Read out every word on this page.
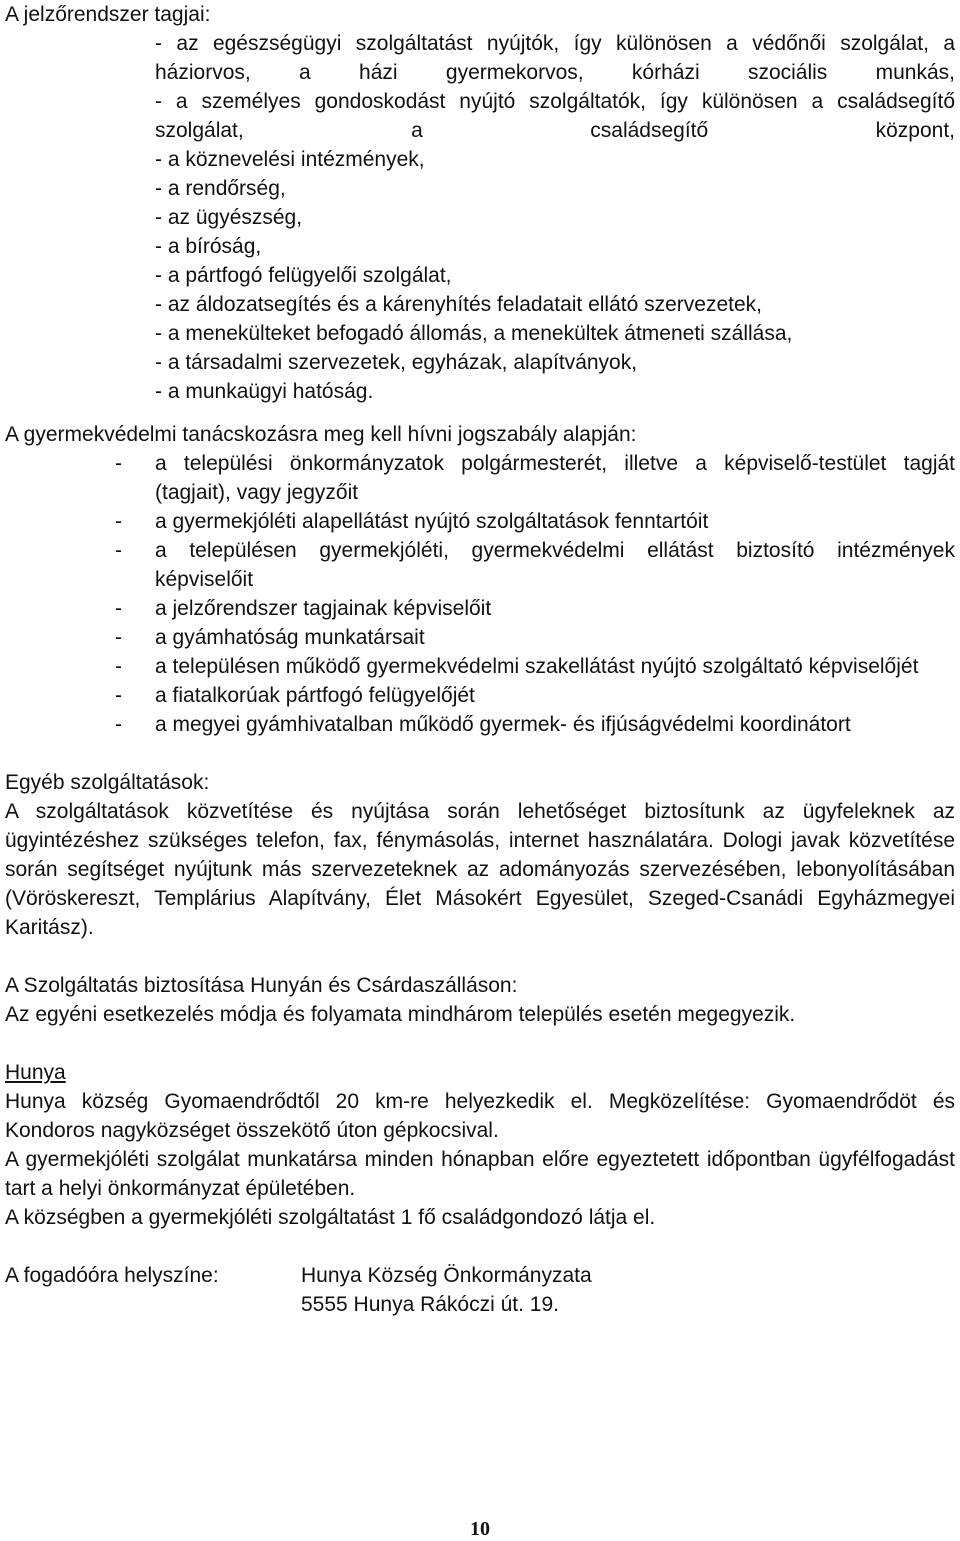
A jelzőrendszer tagjai:

- az egészségügyi szolgáltatást nyújtók, így különösen a védőnői szolgálat, a háziorvos, a házi gyermekorvos, kórházi szociális munkás,
- a személyes gondoskodást nyújtó szolgáltatók, így különösen a családsegítő szolgálat, a családsegítő központ,
- a köznevelési intézmények,
- a rendőrség,
- az ügyészség,
- a bíróság,
- a pártfogó felügyelői szolgálat,
- az áldozatsegítés és a kárenyhítés feladatait ellátó szervezetek,
- a menekülteket befogadó állomás, a menekültek átmeneti szállása,
- a társadalmi szervezetek, egyházak, alapítványok,
- a munkaügyi hatóság.

A gyermekvédelmi tanácskozásra meg kell hívni jogszabály alapján:

- a települési önkormányzatok polgármesterét, illetve a képviselő-testület tagját (tagjait), vagy jegyzőit
- a gyermekjóléti alapellátást nyújtó szolgáltatások fenntartóit
- a településen gyermekjóléti, gyermekvédelmi ellátást biztosító intézmények képviselőit
- a jelzőrendszer tagjainak képviselőit
- a gyámhatóság munkatársait
- a településen működő gyermekvédelmi szakellátást nyújtó szolgáltató képviselőjét
- a fiatalkorúak pártfogó felügyelőjét
- a megyei gyámhivatalban működő gyermek- és ifjúságvédelmi koordinátort

Egyéb szolgáltatások:

A szolgáltatások közvetítése és nyújtása során lehetőséget biztosítunk az ügyfeleknek az ügyintézéshez szükséges telefon, fax, fénymásolás, internet használatára. Dologi javak közvetítése során segítséget nyújtunk más szervezeteknek az adományozás szervezésében, lebonyolításában (Vöröskereszt, Templárius Alapítvány, Élet Másokért Egyesület, Szeged-Csanádi Egyházmegyei Karitász).

A Szolgáltatás biztosítása Hunyán és Csárdaszálláson:

Az egyéni esetkezelés módja és folyamata mindhárom település esetén megegyezik.

Hunya

Hunya község Gyomaendrődtől 20 km-re helyezkedik el. Megközelítése: Gyomaendrődöt és Kondoros nagyközséget összekötő úton gépkocsival.

A gyermekjóléti szolgálat munkatársa minden hónapban előre egyeztetett időpontban ügyfélfogadást tart a helyi önkormányzat épületében.

A községben a gyermekjóléti szolgáltatást 1 fő családgondozó látja el.

A fogadóóra helyszíne:	Hunya Község Önkormányzata
5555 Hunya Rákóczi út. 19.
10
